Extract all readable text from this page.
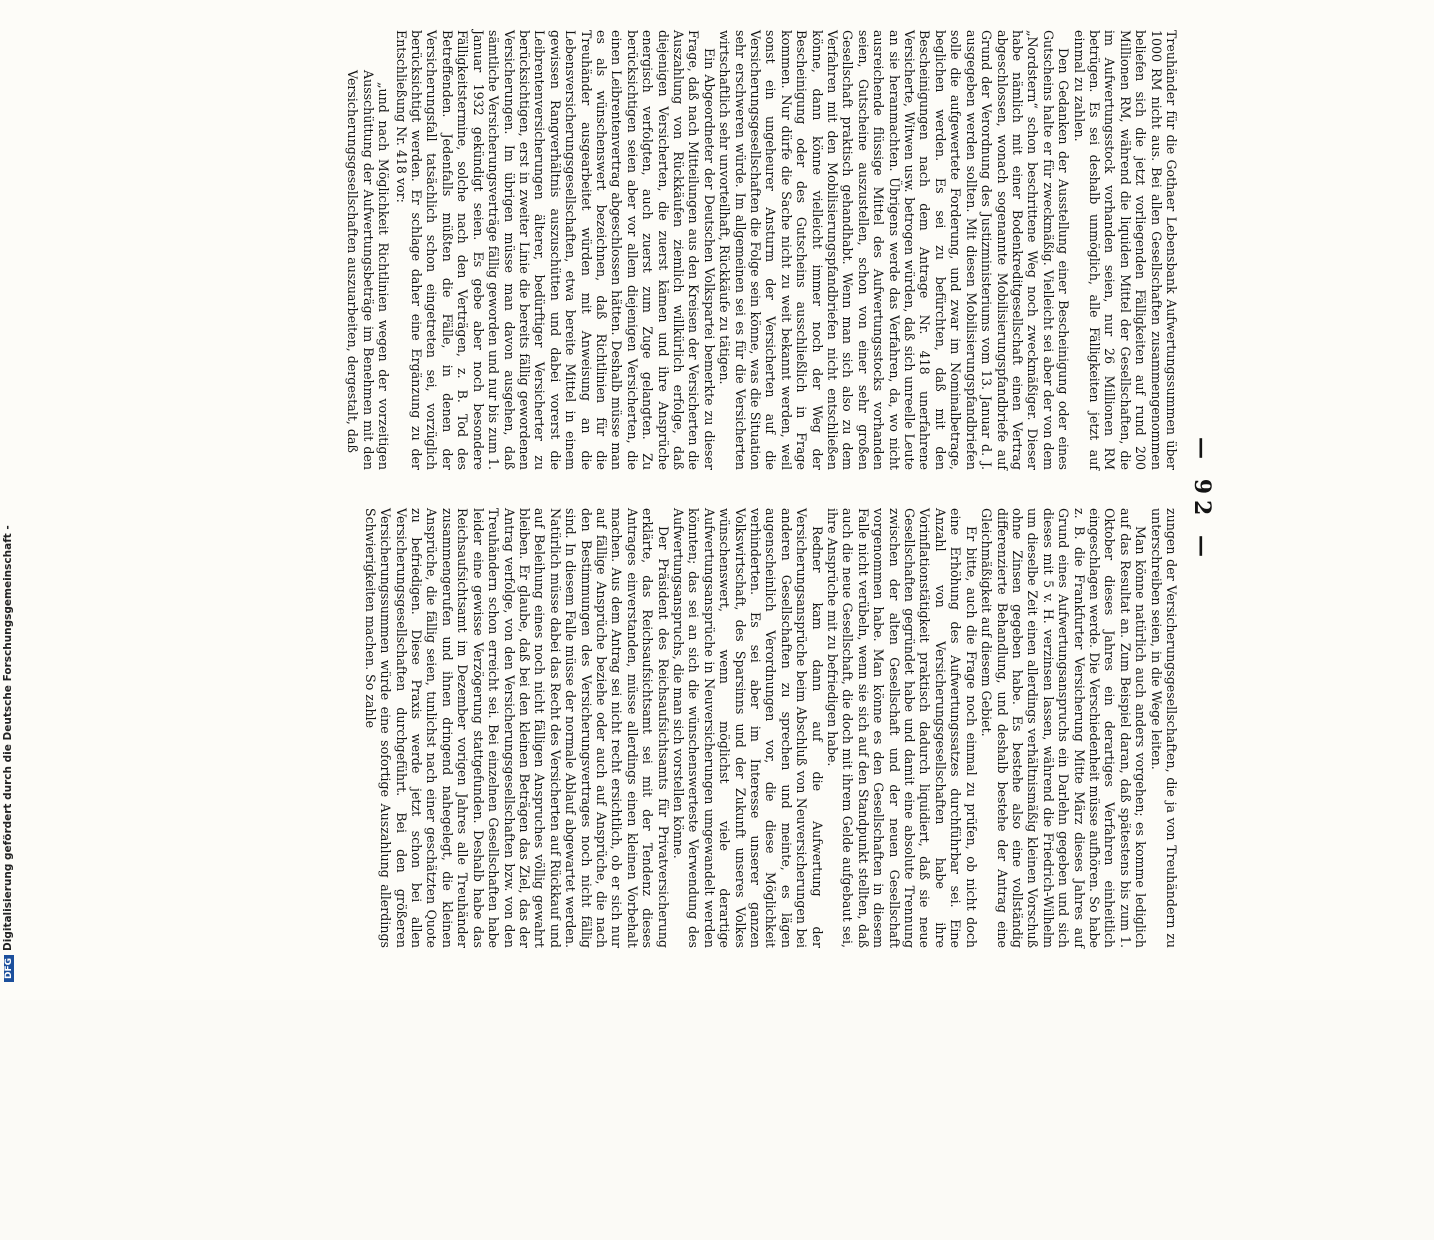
— 92 —

Treuhänder für die Gothaer Lebensbank Aufwertungssummen über 1000 RM nicht aus. Bei allen Gesellschaften zusammengenommen beliefen sich die jetzt vorliegenden Fälligkeiten auf rund 200 Millionen RM, während die liquiden Mittel der Gesellschaften, die im Aufwertungsstock vorhanden seien, nur 26 Millionen RM betrügen. Es sei deshalb unmöglich, alle Fälligkeiten jetzt auf einmal zu zahlen.

Den Gedanken der Ausstellung einer Bescheinigung oder eines Gutscheins halte er für zweckmäßig. Vielleicht sei aber der von dem „Nordstern“ schon beschrittene Weg noch zweckmäßiger. Dieser habe nämlich mit einer Bodenkreditgesellschaft einen Vertrag abgeschlossen, wonach sogenannte Mobilisierungspfandbriefe auf Grund der Verordnung des Justizministeriums vom 13. Januar d. J. ausgegeben werden sollten. Mit diesen Mobilisierungspfandbriefen solle die aufgewertete Forderung, und zwar im Nominalbetrage, beglichen werden. Es sei zu befürchten, daß mit den Bescheinigungen nach dem Antrage Nr. 418 unerfahrene Versicherte, Witwen usw. betrogen würden, daß sich unreelle Leute an sie heranmachten. Übrigens werde das Verfahren, da, wo nicht ausreichende flüssige Mittel des Aufwertungsstocks vorhanden seien, Gutscheine auszustellen, schon von einer sehr großen Gesellschaft praktisch gehandhabt. Wenn man sich also zu dem Verfahren mit den Mobilisierungspfandbriefen nicht entschließen könne, dann könne vielleicht immer noch der Weg der Bescheinigung oder des Gutscheins ausschließlich in Frage kommen. Nur dürfe die Sache nicht zu weit bekannt werden, weil sonst ein ungeheurer Ansturm der Versicherten auf die Versicherungsgesellschaften die Folge sein könne, was die Situation sehr erschweren würde. Im allgemeinen sei es für die Versicherten wirtschaftlich sehr unvorteilhaft, Rückkäufe zu tätigen.

Ein Abgeordneter der Deutschen Volkspartei bemerkte zu dieser Frage, daß nach Mitteilungen aus den Kreisen der Versicherten die Auszahlung von Rückkäufen ziemlich willkürlich erfolge, daß diejenigen Versicherten, die zuerst kämen und ihre Ansprüche energisch verfolgten, auch zuerst zum Zuge gelangten. Zu berücksichtigen seien aber vor allem diejenigen Versicherten, die einen Leibrentenvertrag abgeschlossen hätten. Deshalb müsse man es als wünschenswert bezeichnen, daß Richtlinien für die Treuhänder ausgearbeitet würden mit Anweisung an die Lebensversicherungsgesellschaften, etwa bereite Mittel in einem gewissen Rangverhältnis auszuschütten und dabei vorerst die Leibrentenversicherungen älterer, bedürftiger Versicherter zu berücksichtigen, erst in zweiter Linie die bereits fällig gewordenen Versicherungen. Im übrigen müsse man davon ausgehen, daß sämtliche Versicherungsverträge fällig geworden und nur bis zum 1. Januar 1932 gekündigt seien. Es gebe aber noch besondere Fälligkeitstermine, solche nach den Verträgen, z. B. Tod des Betreffenden. Jedenfalls müßten die Fälle, in denen der Versicherungsfall tatsächlich schon eingetreten sei, vorzüglich berücksichtigt werden. Er schlage daher eine Ergänzung zu der Entschließung Nr. 418 vor:

„und nach Möglichkeit Richtlinien wegen der vorzeitigen Ausschüttung der Aufwertungsbeträge im Benehmen mit den Versicherungsgesellschaften auszuarbeiten, dergestalt, daß

zungen der Versicherungsgesellschaften, die ja von Treuhändern zu unterschreiben seien, in die Wege leiten.

Man könne natürlich auch anders vorgehen; es komme lediglich auf das Resultat an. Zum Beispiel daran, daß spätestens bis zum 1. Oktober dieses Jahres ein derartiges Verfahren einheitlich eingeschlagen werde. Die Verschiedenheit müsse aufhören. So habe z. B. die Frankfurter Versicherung Mitte März dieses Jahres auf Grund eines Aufwertungsanspruchs ein Darlehn gegeben und sich dieses mit 5 v. H. verzinsen lassen, während die Friedrich-Wilhelm um dieselbe Zeit einen allerdings verhältnismäßig kleinen Vorschuß ohne Zinsen gegeben habe. Es bestehe also eine vollständig differenzierte Behandlung, und deshalb bestehe der Antrag eine Gleichmäßigkeit auf diesem Gebiet.

Er bitte, auch die Frage noch einmal zu prüfen, ob nicht doch eine Erhöhung des Aufwertungssatzes durchführbar sei. Eine Anzahl von Versicherungsgesellschaften habe ihre Vorinflationstätigkeit praktisch dadurch liquidiert, daß sie neue Gesellschaften gegründet habe und damit eine absolute Trennung zwischen der alten Gesellschaft und der neuen Gesellschaft vorgenommen habe. Man könne es den Gesellschaften in diesem Falle nicht verübeln, wenn sie sich auf den Standpunkt stellten, daß auch die neue Gesellschaft, die doch mit ihrem Gelde aufgebaut sei, ihre Ansprüche mit zu befriedigen habe.

Redner kam dann auf die Aufwertung der Versicherungsansprüche beim Abschluß von Neuversicherungen bei anderen Gesellschaften zu sprechen und meinte, es lägen augenscheinlich Verordnungen vor, die diese Möglichkeit verhinderten. Es sei aber im Interesse unserer ganzen Volkswirtschaft, des Sparsinns und der Zukunft unseres Volkes wünschenswert, wenn möglichst viele derartige Aufwertungsansprüche in Neuversicherungen umgewandelt werden könnten; das sei an sich die wünschenswerteste Verwendung des Aufwertungsanspruchs, die man sich vorstellen könne.

Der Präsident des Reichsaufsichtsamts für Privatversicherung erklärte, das Reichsaufsichtsamt sei mit der Tendenz dieses Antrages einverstanden, müsse allerdings einen kleinen Vorbehalt machen. Aus dem Antrag sei nicht recht ersichtlich, ob er sich nur auf fällige Ansprüche beziehe oder auch auf Ansprüche, die nach den Bestimmungen des Versicherungsvertrages noch nicht fällig sind. In diesem Falle müsse der normale Ablauf abgewartet werden. Natürlich müsse dabei das Recht des Versicherten auf Rückkauf und auf Beleihung eines noch nicht fälligen Anspruches völlig gewahrt bleiben. Er glaube, daß bei den kleinen Beträgen das Ziel, das der Antrag verfolge, von den Versicherungsgesellschaften bzw. von den Treuhändern schon erreicht sei. Bei einzelnen Gesellschaften habe leider eine gewisse Verzögerung stattgefunden. Deshalb habe das Reichsaufsichtsamt im Dezember vorigen Jahres alle Treuhänder zusammengerufen und ihnen dringend nahegelegt, die kleinen Ansprüche, die fällig seien, tunlichst nach einer geschätzten Quote zu befriedigen. Diese Praxis werde jetzt schon bei allen Versicherungsgesellschaften durchgeführt. Bei den größeren Versicherungssummen würde eine sofortige Auszahlung allerdings Schwierigkeiten machen. So zahle

DFGDigitalisierung gefördert durch die Deutsche Forschungsgemeinschaft -
